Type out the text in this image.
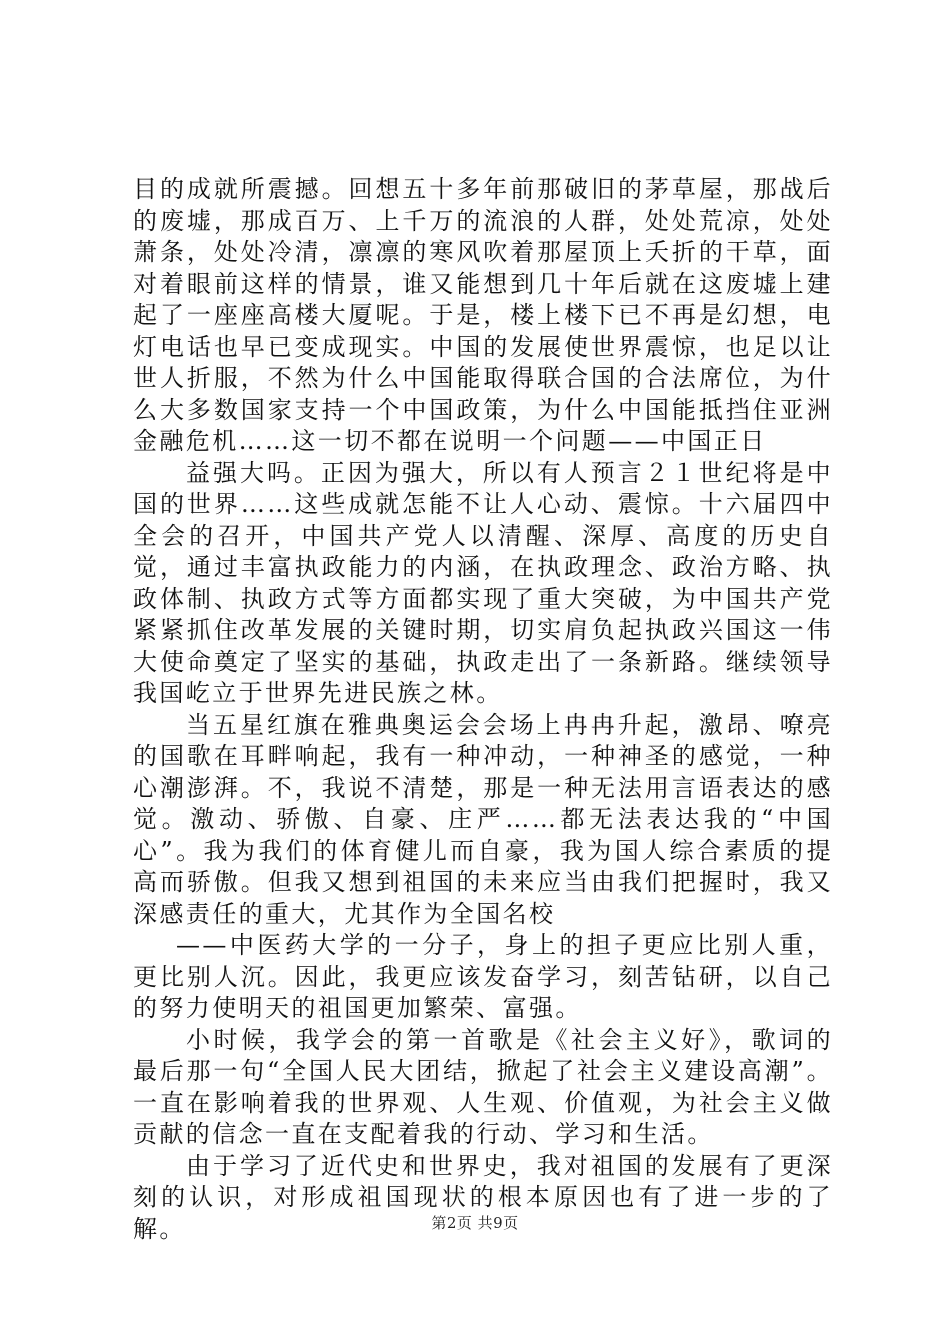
目的成就所震撼。回想五十多年前那破旧的茅草屋，那战后的废墟，那成百万、上千万的流浪的人群，处处荒凉，处处萧条，处处冷清，凛凛的寒风吹着那屋顶上夭折的干草，面对着眼前这样的情景，谁又能想到几十年后就在这废墟上建起了一座座高楼大厦呢。于是，楼上楼下已不再是幻想，电灯电话也早已变成现实。中国的发展使世界震惊，也足以让世人折服，不然为什么中国能取得联合国的合法席位，为什么大多数国家支持一个中国政策，为什么中国能抵挡住亚洲金融危机……这一切不都在说明一个问题——中国正日

益强大吗。正因为强大，所以有人预言２１世纪将是中国的世界……这些成就怎能不让人心动、震惊。十六届四中全会的召开，中国共产党人以清醒、深厚、高度的历史自觉，通过丰富执政能力的内涵，在执政理念、政治方略、执政体制、执政方式等方面都实现了重大突破，为中国共产党紧紧抓住改革发展的关键时期，切实肩负起执政兴国这一伟大使命奠定了坚实的基础，执政走出了一条新路。继续领导我国屹立于世界先进民族之林。

当五星红旗在雅典奥运会会场上冉冉升起，激昂、嘹亮的国歌在耳畔响起，我有一种冲动，一种神圣的感觉，一种心潮澎湃。不，我说不清楚，那是一种无法用言语表达的感觉。激动、骄傲、自豪、庄严……都无法表达我的“中国心”。我为我们的体育健儿而自豪，我为国人综合素质的提高而骄傲。但我又想到祖国的未来应当由我们把握时，我又深感责任的重大，尤其作为全国名校

——中医药大学的一分子，身上的担子更应比别人重，更比别人沉。因此，我更应该发奋学习，刻苦钻研，以自己的努力使明天的祖国更加繁荣、富强。

小时候，我学会的第一首歌是《社会主义好》，歌词的最后那一句“全国人民大团结，掀起了社会主义建设高潮”。一直在影响着我的世界观、人生观、价值观，为社会主义做贡献的信念一直在支配着我的行动、学习和生活。

由于学习了近代史和世界史，我对祖国的发展有了更深刻的认识，对形成祖国现状的根本原因也有了进一步的了解。	第2页 共9页
